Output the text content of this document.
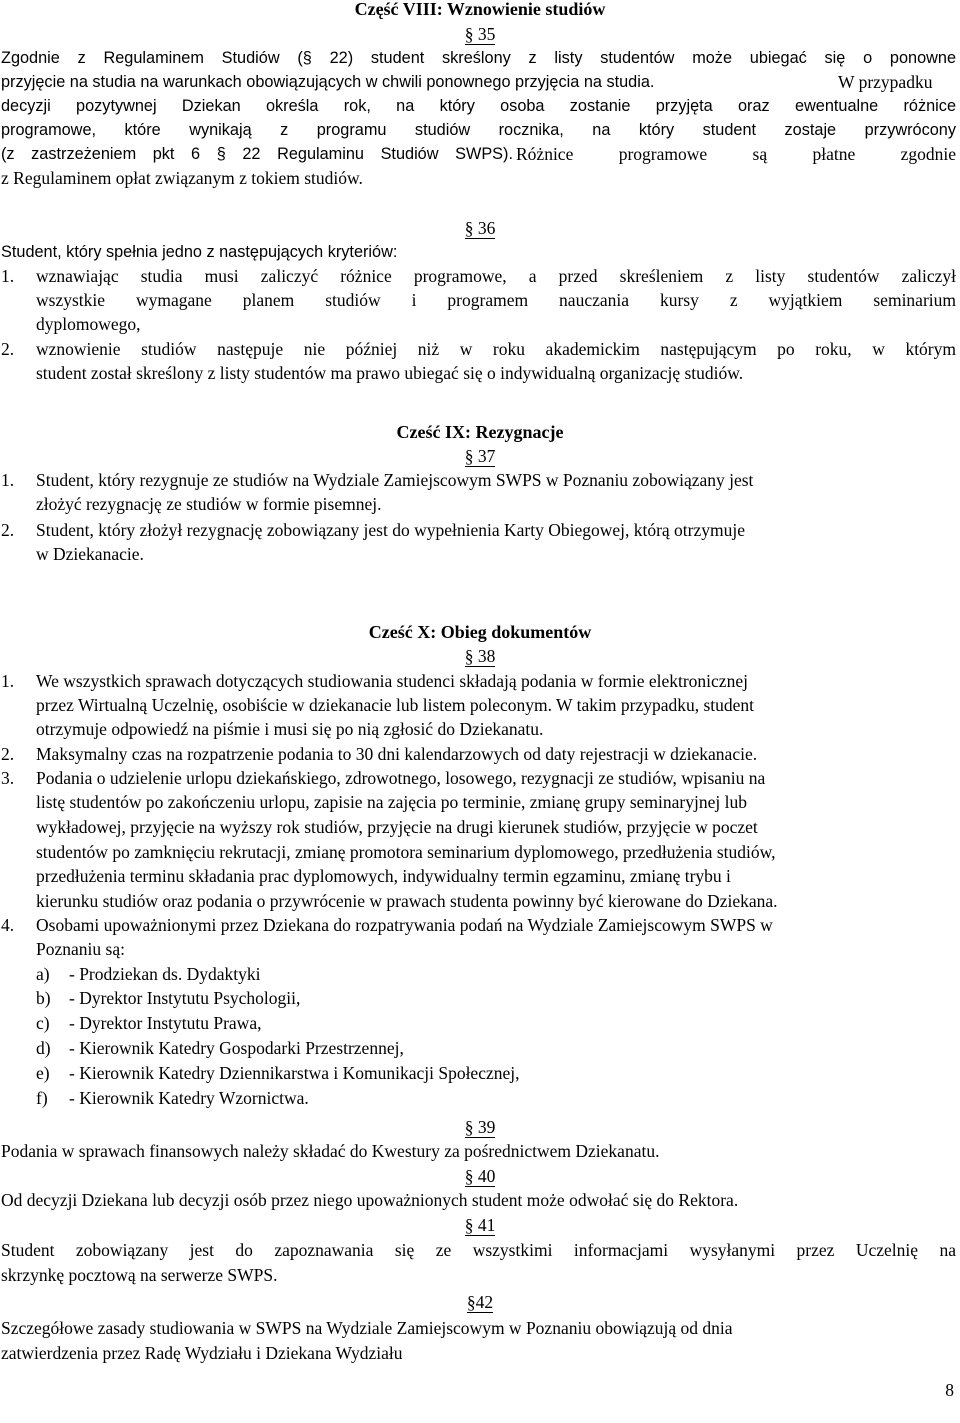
Część VIII: Wznowienie studiów
§ 35
Zgodnie z Regulaminem Studiów (§ 22) student skreślony z listy studentów może ubiegać się o ponowne
przyjęcie na studia na warunkach obowiązujących w chwili ponownego przyjęcia na studia.	W przypadku
decyzji pozytywnej Dziekan określa rok, na który osoba zostanie przyjęta oraz ewentualne różnice
programowe, które wynikają z programu studiów rocznika, na który student zostaje przywrócony
(z zastrzeżeniem pkt 6 § 22 Regulaminu Studiów SWPS). Różnice programowe są płatne zgodnie
z Regulaminem opłat związanym z tokiem studiów.
§ 36
Student, który spełnia jedno z następujących kryteriów:
1. wznawiając studia musi zaliczyć różnice programowe, a przed skreśleniem z listy studentów zaliczył
wszystkie wymagane planem studiów i programem nauczania kursy z wyjątkiem seminarium
dyplomowego,
2. wznowienie studiów następuje nie później niż w roku akademickim następującym po roku, w którym
student został skreślony z listy studentów ma prawo ubiegać się o indywidualną organizację studiów.
Cześć IX: Rezygnacje
§ 37
1. Student, który rezygnuje ze studiów na Wydziale Zamiejscowym SWPS w Poznaniu zobowiązany jest
złożyć rezygnację ze studiów w formie pisemnej.
2. Student, który złożył rezygnację zobowiązany jest do wypełnienia Karty Obiegowej, którą otrzymuje
w Dziekanacie.
Cześć X: Obieg dokumentów
§ 38
1. We wszystkich sprawach dotyczących studiowania studenci składają podania w formie elektronicznej
przez Wirtualną Uczelnię, osobiście w dziekanacie lub listem poleconym. W takim przypadku, student
otrzymuje odpowiedź na piśmie i musi się po nią zgłosić do Dziekanatu.
2. Maksymalny czas na rozpatrzenie podania to 30 dni kalendarzowych od daty rejestracji w dziekanacie.
3. Podania o udzielenie urlopu dziekańskiego, zdrowotnego, losowego, rezygnacji ze studiów, wpisaniu na
listę studentów po zakończeniu urlopu, zapisie na zajęcia po terminie, zmianę grupy seminaryjnej lub
wykładowej, przyjęcie na wyższy rok studiów, przyjęcie na drugi kierunek studiów, przyjęcie w poczet
studentów po zamknięciu rekrutacji, zmianę promotora seminarium dyplomowego, przedłużenia studiów,
przedłużenia terminu składania prac dyplomowych, indywidualny termin egzaminu, zmianę trybu i
kierunku studiów oraz podania o przywrócenie w prawach studenta powinny być kierowane do Dziekana.
4. Osobami upoważnionymi przez Dziekana do rozpatrywania podań na Wydziale Zamiejscowym SWPS w
Poznaniu są:
a) - Prodziekan ds. Dydaktyki
b) - Dyrektor Instytutu Psychologii,
c) - Dyrektor Instytutu Prawa,
d) - Kierownik Katedry Gospodarki Przestrzennej,
e) - Kierownik Katedry Dziennikarstwa i Komunikacji Społecznej,
f) - Kierownik Katedry Wzornictwa.
§ 39
Podania w sprawach finansowych należy składać do Kwestury za pośrednictwem Dziekanatu.
§ 40
Od decyzji Dziekana lub decyzji osób przez niego upoważnionych student może odwołać się do Rektora.
§ 41
Student zobowiązany jest do zapoznawania się ze wszystkimi informacjami wysyłanymi przez Uczelnię na
skrzynkę pocztową na serwerze SWPS.
§42
Szczegółowe zasady studiowania w SWPS na Wydziale Zamiejscowym w Poznaniu obowiązują od dnia
zatwierdzenia przez Radę Wydziału i Dziekana Wydziału
8
